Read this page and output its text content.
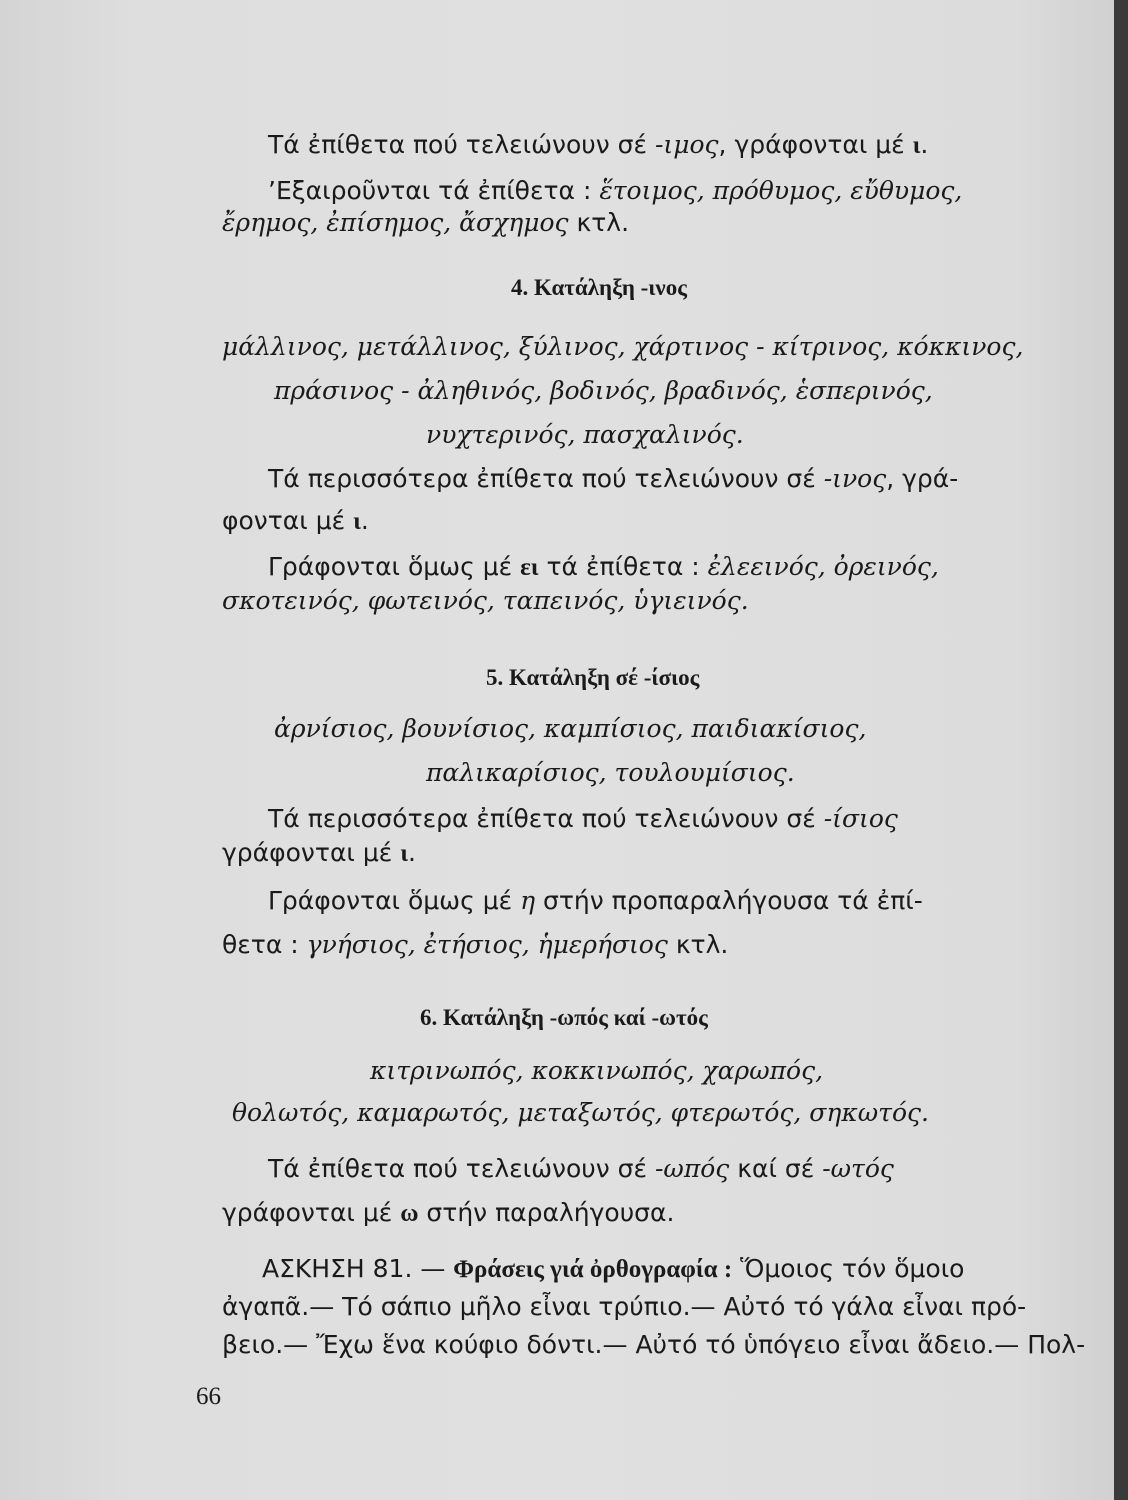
Τά ἐπίθετα πού τελειώνουν σέ -ιμος, γράφονται μέ ι.
’Εξαιροῦνται τά ἐπίθετα : ἕτοιμος, πρόθυμος, εὔθυμος,
ἔρημος, ἐπίσημος, ἄσχημος κτλ.
4. Κατάληξη -ινος
μάλλινος, μετάλλινος, ξύλινος, χάρτινος - κίτρινος, κόκκινος,
πράσινος - ἀληθινός, βοδινός, βραδινός, ἑσπερινός,
νυχτερινός, πασχαλινός.
Τά περισσότερα ἐπίθετα πού τελειώνουν σέ -ινος, γρά-
φονται μέ ι.
Γράφονται ὅμως μέ ει τά ἐπίθετα : ἐλεεινός, ὀρεινός,
σκοτεινός, φωτεινός, ταπεινός, ὑγιεινός.
5. Κατάληξη σέ -ίσιος
ἀρνίσιος, βουνίσιος, καμπίσιος, παιδιακίσιος,
παλικαρίσιος, τουλουμίσιος.
Τά περισσότερα ἐπίθετα πού τελειώνουν σέ -ίσιος
γράφονται μέ ι.
Γράφονται ὅμως μέ η στήν προπαραλήγουσα τά ἐπί-
θετα : γνήσιος, ἐτήσιος, ἡμερήσιος κτλ.
6. Κατάληξη -ωπός καί -ωτός
κιτρινωπός, κοκκινωπός, χαρωπός,
θολωτός, καμαρωτός, μεταξωτός, φτερωτός, σηκωτός.
Τά ἐπίθετα πού τελειώνουν σέ -ωπός καί σέ -ωτός
γράφονται μέ ω στήν παραλήγουσα.
ΑΣΚΗΣΗ 81. — Φράσεις γιά ὀρθογραφία : Ὅμοιος τόν ὅμοιο
ἀγαπᾶ.— Τό σάπιο μῆλο εἶναι τρύπιο.— Αὐτό τό γάλα εἶναι πρό-
βειο.— Ἔχω ἕνα κούφιο δόντι.— Αὐτό τό ὑπόγειο εἶναι ἄδειο.— Πολ-
66
